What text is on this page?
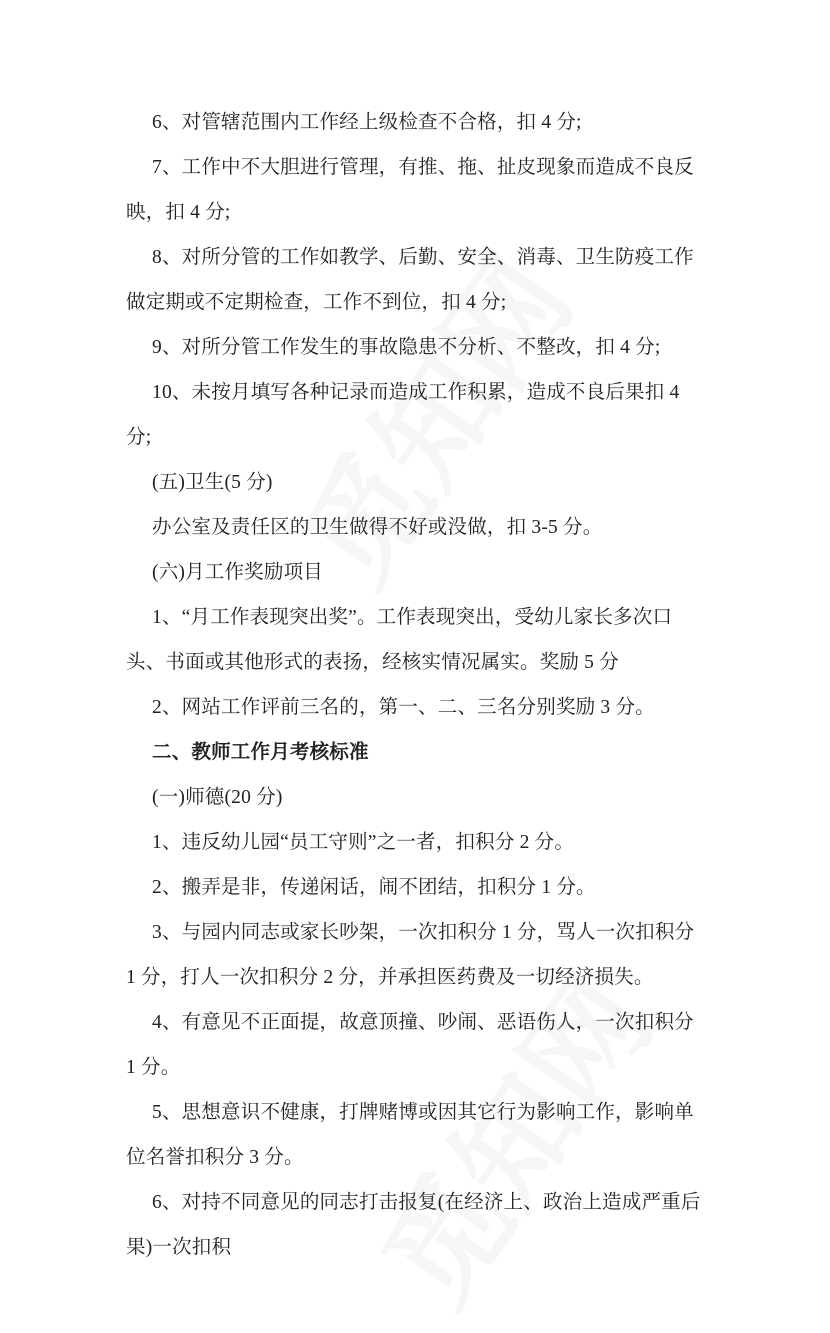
6、对管辖范围内工作经上级检查不合格，扣 4 分;

7、工作中不大胆进行管理，有推、拖、扯皮现象而造成不良反映，扣 4 分;

8、对所分管的工作如教学、后勤、安全、消毒、卫生防疫工作做定期或不定期检查，工作不到位，扣 4 分;

9、对所分管工作发生的事故隐患不分析、不整改，扣 4 分;

10、未按月填写各种记录而造成工作积累，造成不良后果扣 4 分;

(五)卫生(5 分)

办公室及责任区的卫生做得不好或没做，扣 3-5 分。

(六)月工作奖励项目

1、“月工作表现突出奖”。工作表现突出，受幼儿家长多次口头、书面或其他形式的表扬，经核实情况属实。奖励 5 分

2、网站工作评前三名的，第一、二、三名分别奖励 3 分。

二、教师工作月考核标准

(一)师德(20 分)

1、违反幼儿园“员工守则”之一者，扣积分 2 分。

2、搬弄是非，传递闲话，闹不团结，扣积分 1 分。

3、与园内同志或家长吵架，一次扣积分 1 分，骂人一次扣积分 1 分，打人一次扣积分 2 分，并承担医药费及一切经济损失。

4、有意见不正面提，故意顶撞、吵闹、恶语伤人，一次扣积分 1 分。

5、思想意识不健康，打牌赌博或因其它行为影响工作，影响单位名誉扣积分 3 分。

6、对持不同意见的同志打击报复(在经济上、政治上造成严重后果)一次扣积
